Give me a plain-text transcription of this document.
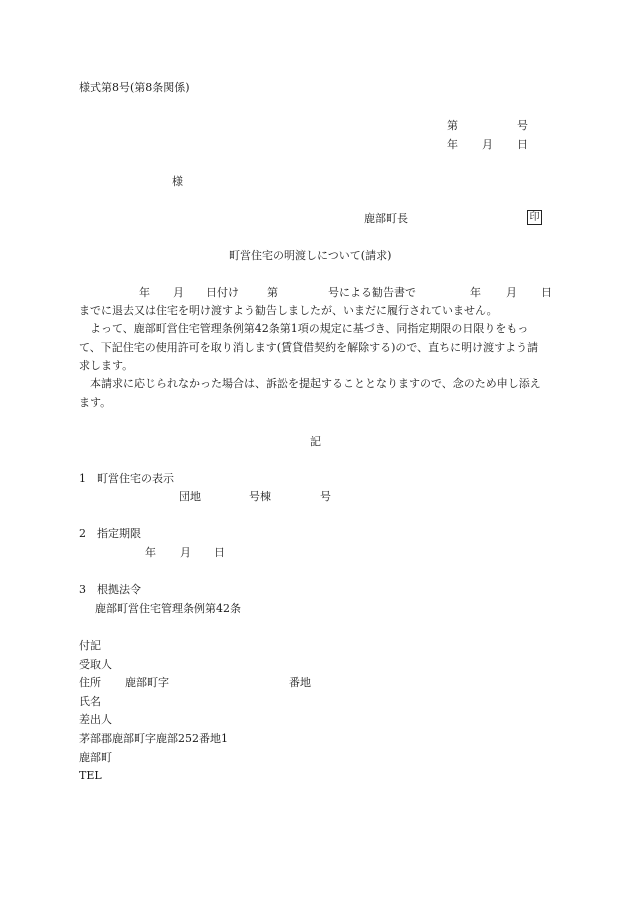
様式第8号(第8条関係)
第	号
年 月 日
様
鹿部町長	印
町営住宅の明渡しについて(請求)
年 月 日付け	第	号による勧告書で	年 月 日
までに退去又は住宅を明け渡すよう勧告しましたが、いまだに履行されていません。
よって、鹿部町営住宅管理条例第42条第1項の規定に基づき、同指定期限の日限りをもって、下記住宅の使用許可を取り消します(賃貸借契約を解除する)ので、直ちに明け渡すよう請求します。
本請求に応じられなかった場合は、訴訟を提起することとなりますので、念のため申し添えます。
記
1　町営住宅の表示
団地	号棟	号
2　指定期限
年 月 日
3　根拠法令
鹿部町営住宅管理条例第42条
付記
受取人
住所 鹿部町字	番地
氏名
差出人
茅部郡鹿部町字鹿部252番地1
鹿部町
TEL
